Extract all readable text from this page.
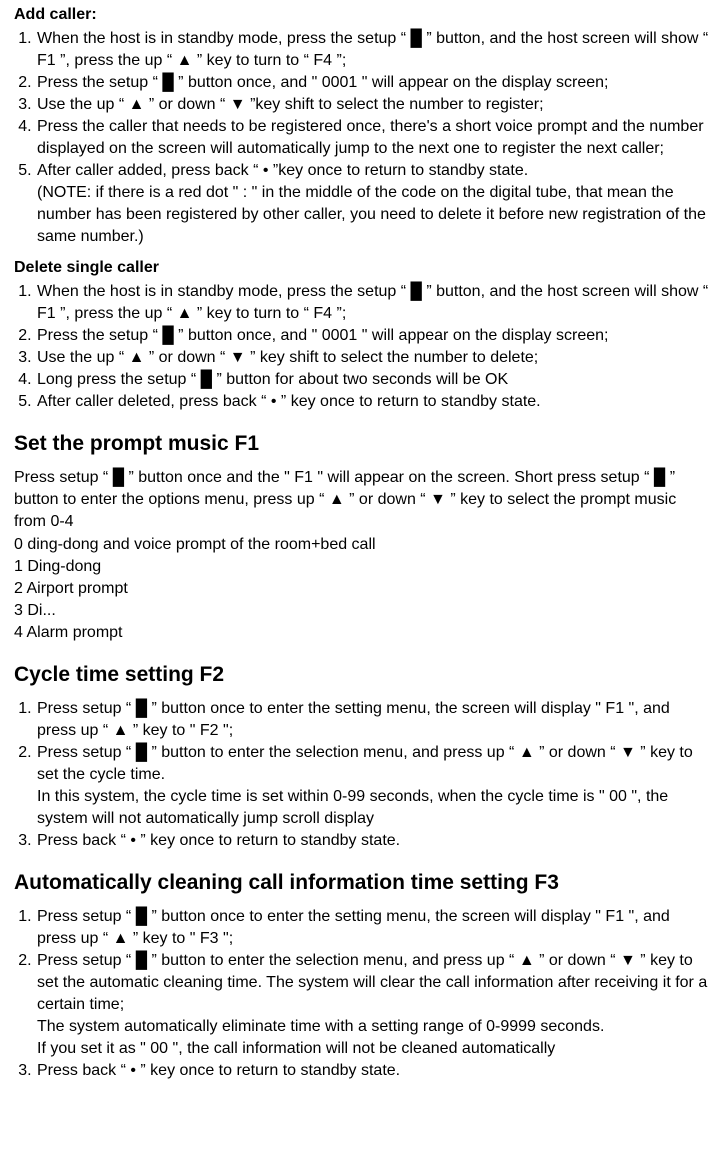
Add caller:
1. When the host is in standby mode, press the setup “ █ ” button, and the host screen will show “ F1 ”, press the up “ ▲ ” key to turn to “ F4 ”;
2. Press the setup “ █ ” button once, and " 0001 " will appear on the display screen;
3. Use the up “ ▲ ” or down “ ▼ ”key shift to select the number to register;
4. Press the caller that needs to be registered once, there's a short voice prompt and the number displayed on the screen will automatically jump to the next one to register the next caller;
5. After caller added, press back “ • ”key once to return to standby state.
(NOTE: if there is a red dot " : " in the middle of the code on the digital tube, that mean the number has been registered by other caller, you need to delete it before new registration of the same number.)
Delete single caller
1. When the host is in standby mode, press the setup “ █ ” button, and the host screen will show “ F1 ”, press the up “ ▲ ” key to turn to “ F4 ”;
2. Press the setup “ █ ” button once, and " 0001 " will appear on the display screen;
3. Use the up “ ▲ ” or down “ ▼ ” key shift to select the number to delete;
4. Long press the setup “ █ ” button for about two seconds will be OK
5. After caller deleted, press back “ • ” key once to return to standby state.
Set the prompt music F1

Press setup “ █ ” button once and the " F1 " will appear on the screen. Short press setup “ █ ” button to enter the options menu, press up “ ▲ ” or down “ ▼ ” key to select the prompt music from 0-4

0 ding-dong and voice prompt of the room+bed call
1 Ding-dong
2 Airport prompt
3 Di...
4 Alarm prompt
Cycle time setting F2
1. Press setup “ █ ” button once to enter the setting menu, the screen will display " F1 ", and press up “ ▲ ” key to " F2 ";
2. Press setup “ █ ” button to enter the selection menu, and press up “ ▲ ” or down “ ▼ ” key to set the cycle time.
In this system, the cycle time is set within 0-99 seconds, when the cycle time is " 00 ", the system will not automatically jump scroll display
3. Press back “ • ” key once to return to standby state.
Automatically cleaning call information time setting F3
1. Press setup “ █ ” button once to enter the setting menu, the screen will display " F1 ", and press up “ ▲ ” key to " F3 ";
2. Press setup “ █ ” button to enter the selection menu, and press up “ ▲ ” or down “ ▼ ” key to set the automatic cleaning time. The system will clear the call information after receiving it for a certain time;
The system automatically eliminate time with a setting range of 0-9999 seconds.
If you set it as " 00 ", the call information will not be cleaned automatically
3. Press back “ • ” key once to return to standby state.
